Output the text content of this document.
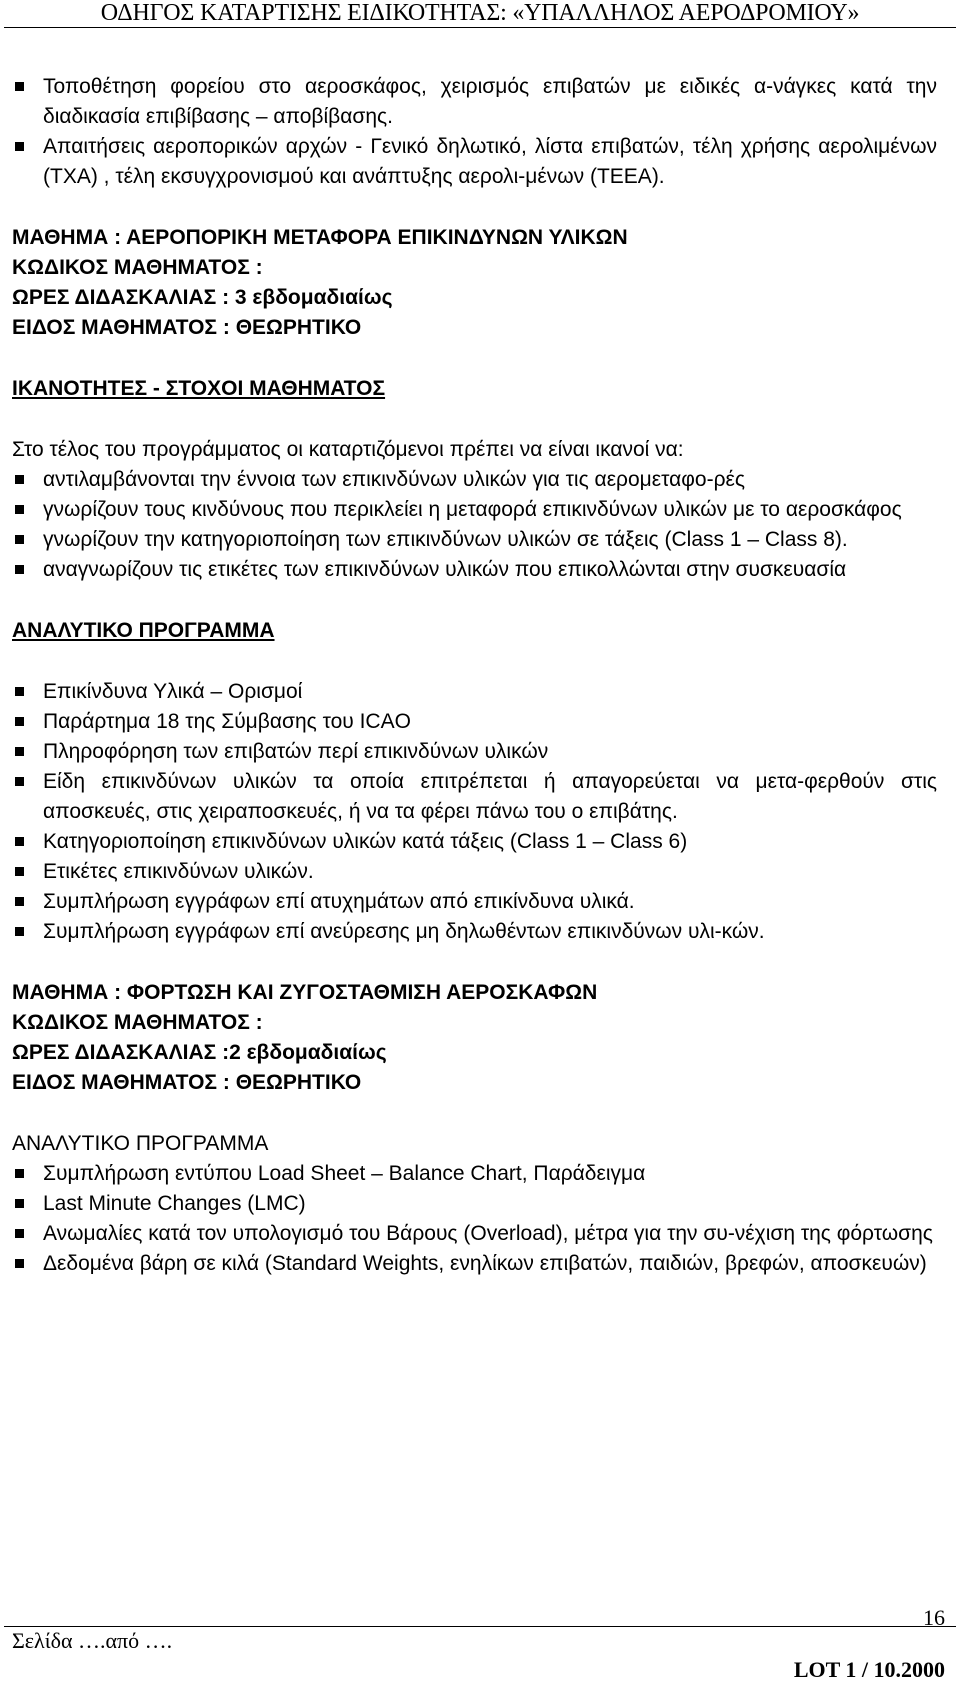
ΟΔΗΓΟΣ ΚΑΤΑΡΤΙΣΗΣ ΕΙΔΙΚΟΤΗΤΑΣ: «ΥΠΑΛΛΗΛΟΣ ΑΕΡΟΔΡΟΜΙΟΥ»
Τοποθέτηση φορείου στο αεροσκάφος, χειρισμός επιβατών με ειδικές α-νάγκες κατά την διαδικασία επιβίβασης – αποβίβασης.
Απαιτήσεις αεροπορικών αρχών - Γενικό δηλωτικό, λίστα επιβατών, τέλη χρήσης αερολιμένων (ΤΧΑ) , τέλη εκσυγχρονισμού και ανάπτυξης αερολι-μένων (ΤΕΕΑ).

ΜΑΘΗΜΑ : ΑΕΡΟΠΟΡΙΚΗ ΜΕΤΑΦΟΡΑ ΕΠΙΚΙΝΔΥΝΩΝ ΥΛΙΚΩΝ

ΚΩΔΙΚΟΣ ΜΑΘΗΜΑΤΟΣ :

ΩΡΕΣ ΔΙΔΑΣΚΑΛΙΑΣ : 3 εβδομαδιαίως

ΕΙΔΟΣ ΜΑΘΗΜΑΤΟΣ : ΘΕΩΡΗΤΙΚΟ

ΙΚΑΝΟΤΗΤΕΣ - ΣΤΟΧΟΙ ΜΑΘΗΜΑΤΟΣ

Στο τέλος του προγράμματος οι καταρτιζόμενοι πρέπει να είναι ικανοί να:

αντιλαμβάνονται την έννοια των επικινδύνων υλικών για τις αερομεταφο-ρές
γνωρίζουν τους κινδύνους που περικλείει η μεταφορά επικινδύνων υλικών με το αεροσκάφος
γνωρίζουν την κατηγοριοποίηση των επικινδύνων υλικών σε τάξεις (Class 1 – Class 8).
αναγνωρίζουν τις ετικέτες των επικινδύνων υλικών που επικολλώνται στην συσκευασία

ΑΝΑΛΥΤΙΚΟ ΠΡΟΓΡΑΜΜΑ

Επικίνδυνα Υλικά – Ορισμοί
Παράρτημα 18 της Σύμβασης του ICAO
Πληροφόρηση των επιβατών περί επικινδύνων υλικών
Είδη επικινδύνων υλικών τα οποία επιτρέπεται ή απαγορεύεται να μετα-φερθούν στις αποσκευές, στις χειραποσκευές, ή να τα φέρει πάνω του ο επιβάτης.
Κατηγοριοποίηση επικινδύνων υλικών κατά τάξεις (Class 1 – Class 6)
Ετικέτες επικινδύνων υλικών.
Συμπλήρωση εγγράφων επί ατυχημάτων από επικίνδυνα υλικά.
Συμπλήρωση εγγράφων επί ανεύρεσης μη δηλωθέντων επικινδύνων υλι-κών.

ΜΑΘΗΜΑ : ΦΟΡΤΩΣΗ ΚΑΙ ΖΥΓΟΣΤΑΘΜΙΣΗ ΑΕΡΟΣΚΑΦΩΝ

ΚΩΔΙΚΟΣ ΜΑΘΗΜΑΤΟΣ :

ΩΡΕΣ ΔΙΔΑΣΚΑΛΙΑΣ :2 εβδομαδιαίως

ΕΙΔΟΣ ΜΑΘΗΜΑΤΟΣ : ΘΕΩΡΗΤΙΚΟ

ΑΝΑΛΥΤΙΚΟ ΠΡΟΓΡΑΜΜΑ

Συμπλήρωση εντύπου Load Sheet – Balance Chart, Παράδειγμα
Last Minute Changes (LMC)
Ανωμαλίες κατά τον υπολογισμό του Βάρους (Overload), μέτρα για την συ-νέχιση της φόρτωσης
Δεδομένα βάρη σε κιλά (Standard Weights, ενηλίκων επιβατών, παιδιών, βρεφών, αποσκευών)
16
Σελίδα ….από ….
LOT 1 / 10.2000
